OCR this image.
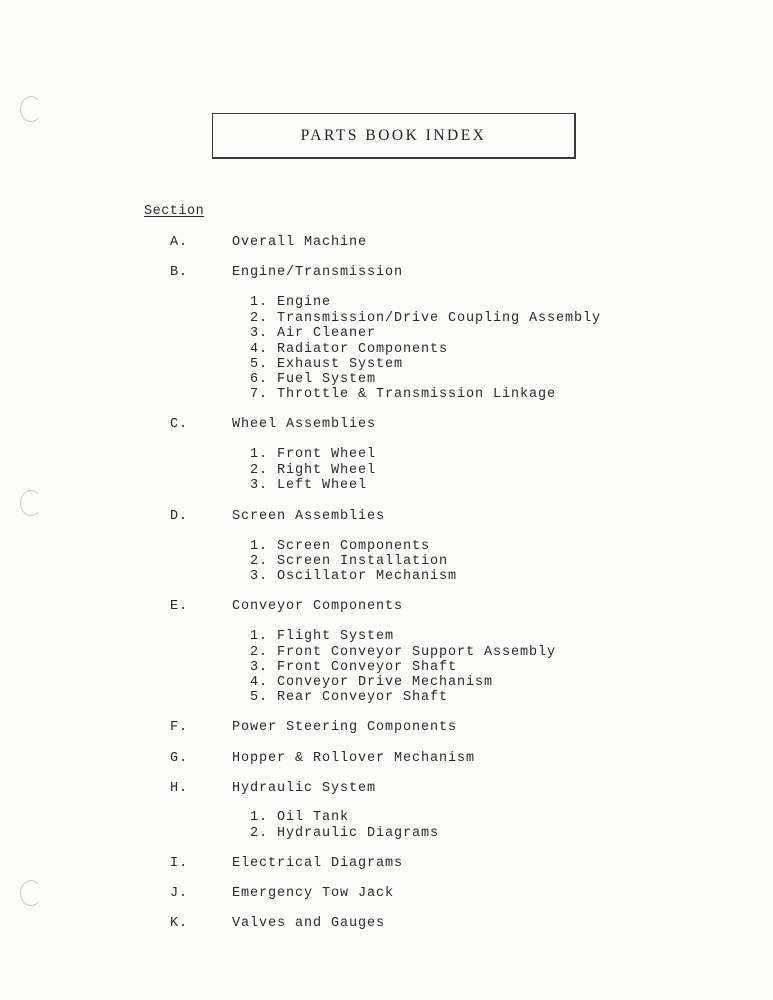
PARTS BOOK INDEX
Section
A.	Overall Machine
B.	Engine/Transmission
1. Engine
2. Transmission/Drive Coupling Assembly
3. Air Cleaner
4. Radiator Components
5. Exhaust System
6. Fuel System
7. Throttle & Transmission Linkage
C.	Wheel Assemblies
1. Front Wheel
2. Right Wheel
3. Left Wheel
D.	Screen Assemblies
1. Screen Components
2. Screen Installation
3. Oscillator Mechanism
E.	Conveyor Components
1. Flight System
2. Front Conveyor Support Assembly
3. Front Conveyor Shaft
4. Conveyor Drive Mechanism
5. Rear Conveyor Shaft
F.	Power Steering Components
G.	Hopper & Rollover Mechanism
H.	Hydraulic System
1. Oil Tank
2. Hydraulic Diagrams
I.	Electrical Diagrams
J.	Emergency Tow Jack
K.	Valves and Gauges
